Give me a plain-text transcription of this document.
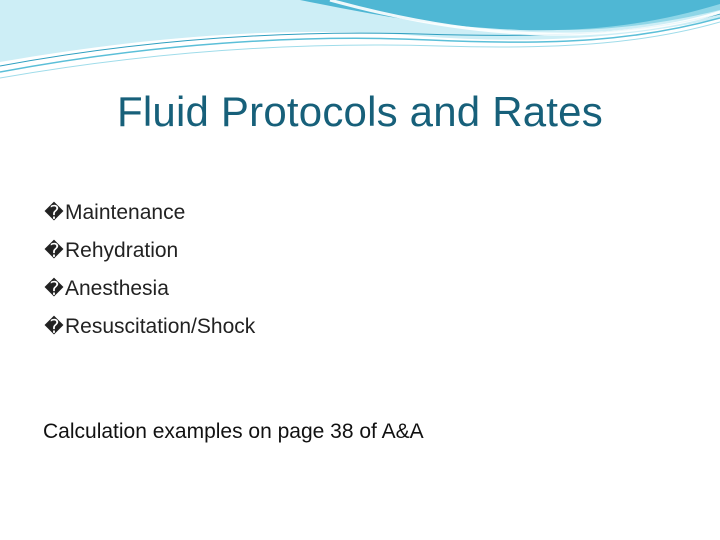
Fluid Protocols and Rates
� Maintenance
� Rehydration
� Anesthesia
� Resuscitation/Shock
Calculation examples on page 38 of A&A
